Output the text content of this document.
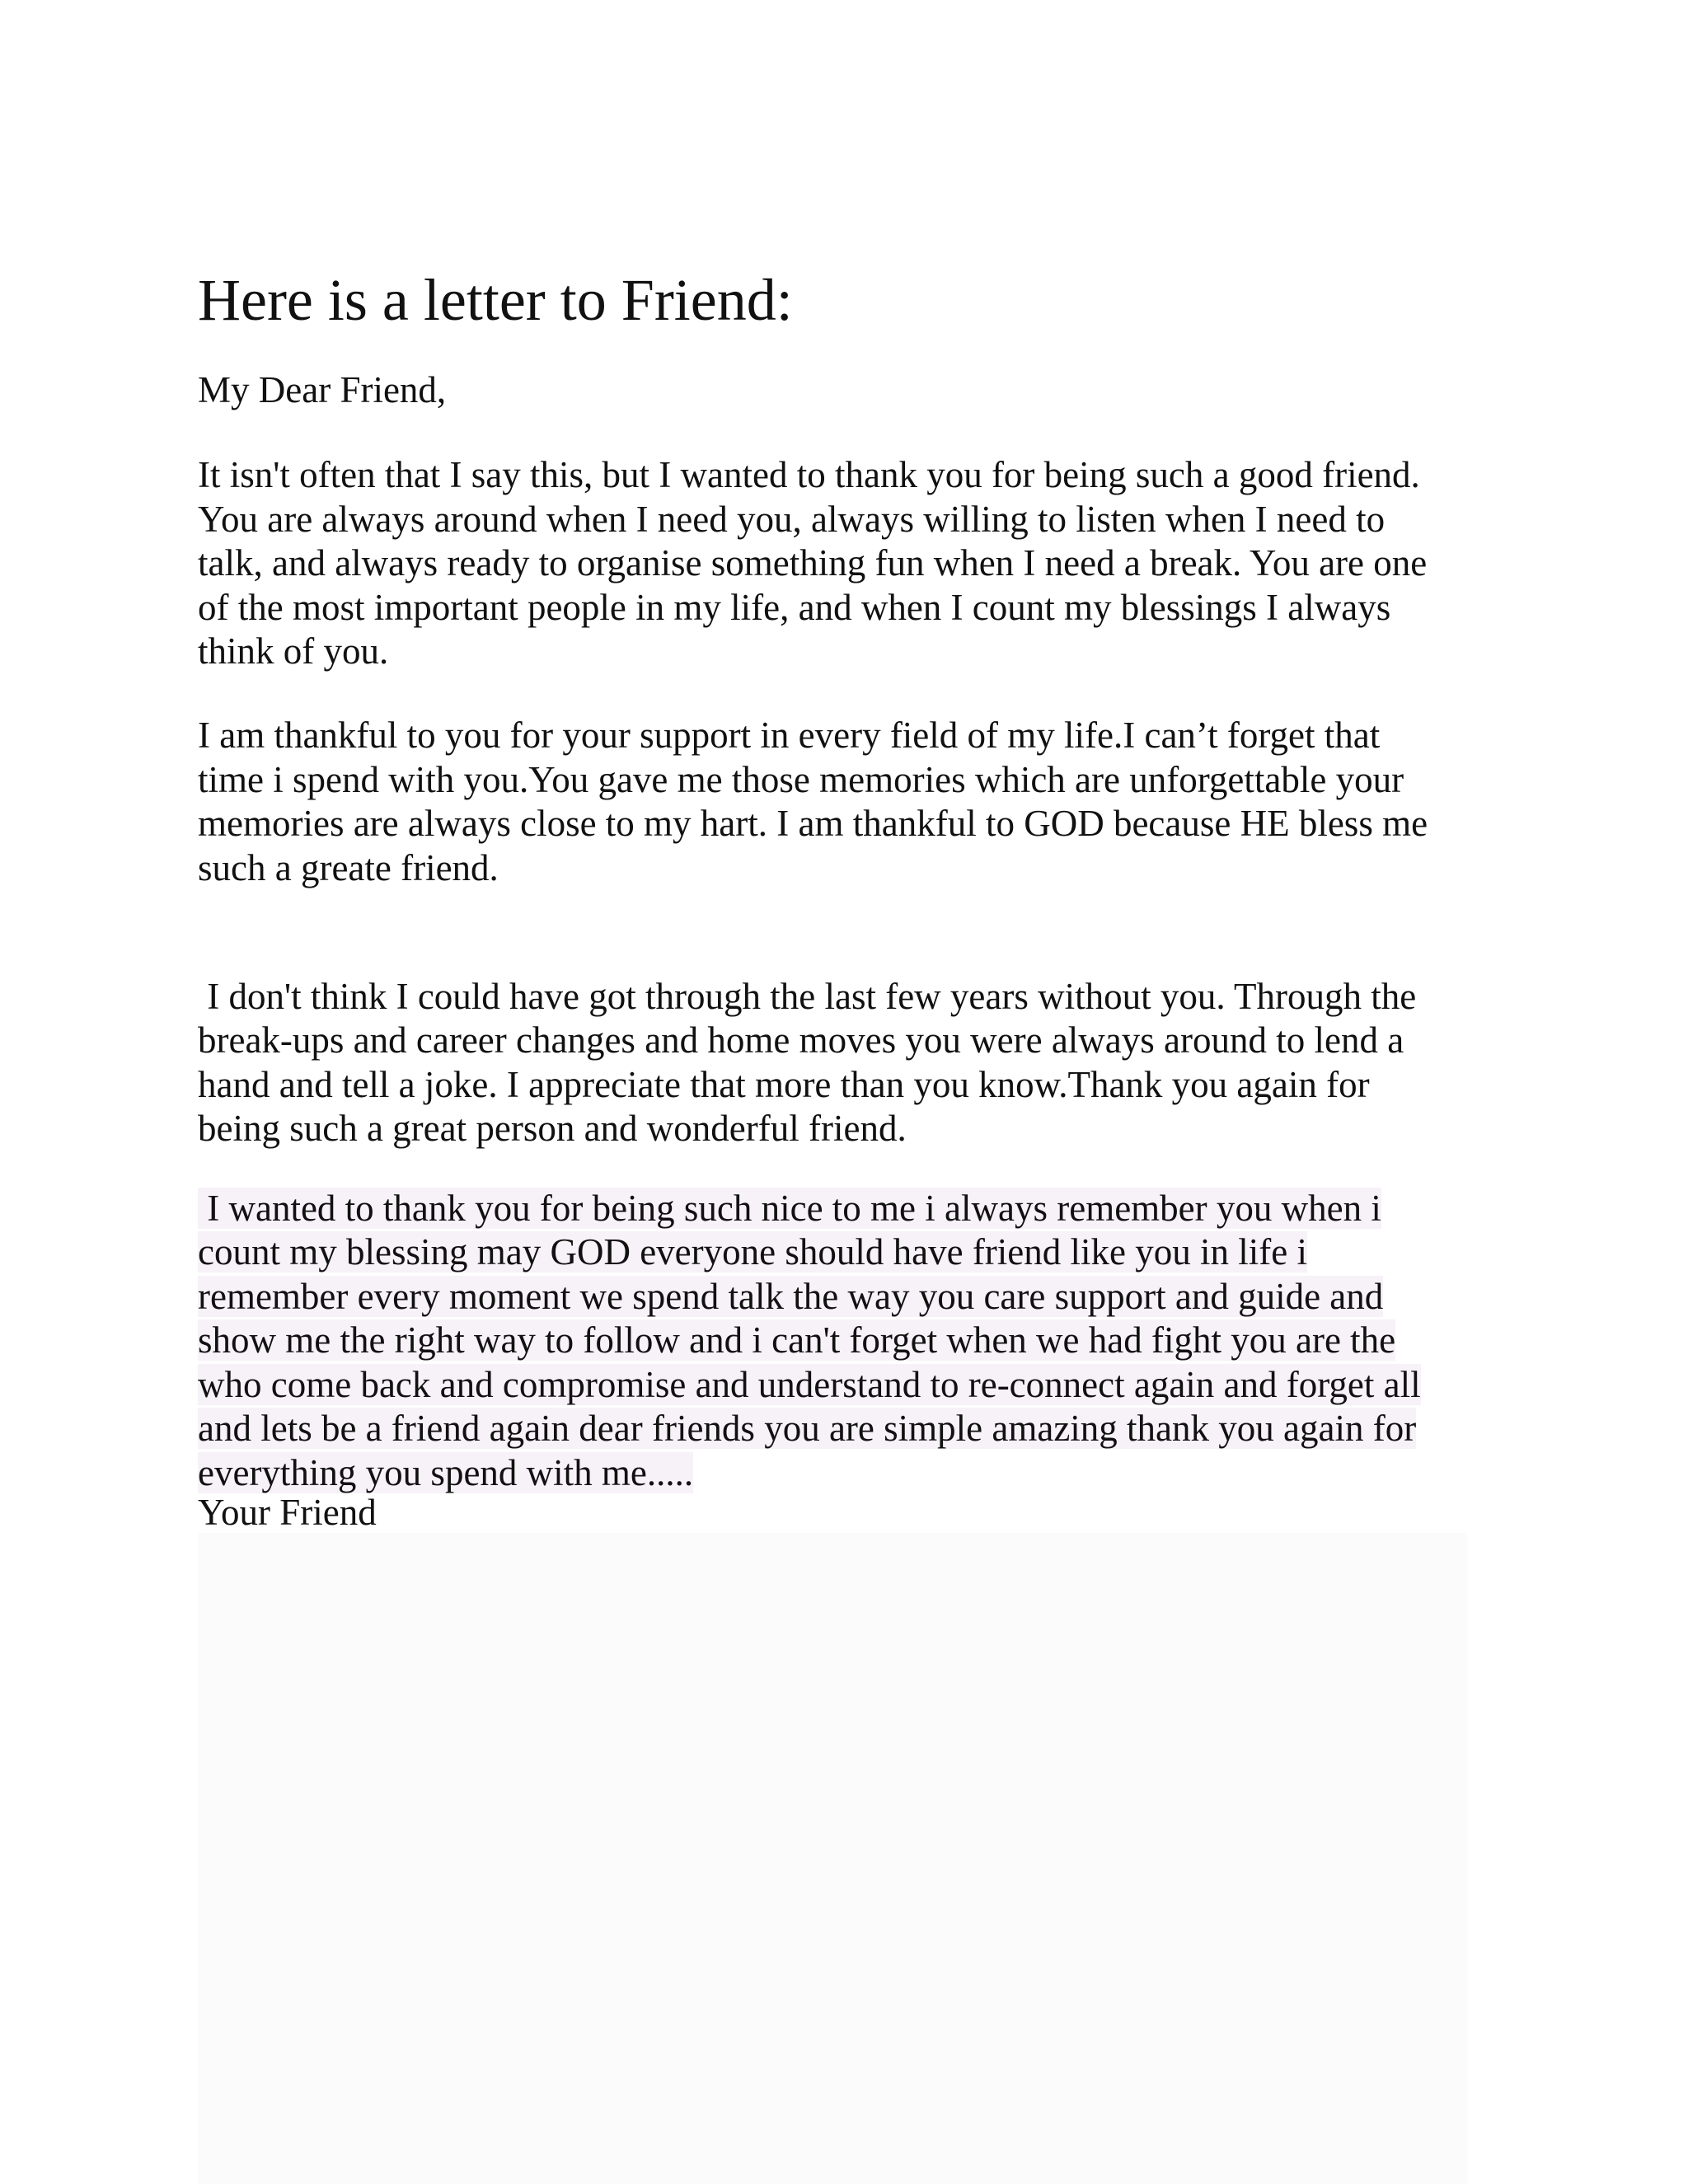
Here is a letter to Friend:

My Dear Friend,

It isn't often that I say this, but I wanted to thank you for being such a good friend.
You are always around when I need you, always willing to listen when I need to
talk, and always ready to organise something fun when I need a break. You are one
of the most important people in my life, and when I count my blessings I always
think of you.

I am thankful to you for your support in every field of my life.I can’t forget that
time i spend with you.You gave me those memories which are unforgettable your
memories are always close to my hart. I am thankful to GOD because HE bless me
such a greate friend.

I don't think I could have got through the last few years without you. Through the
break-ups and career changes and home moves you were always around to lend a
hand and tell a joke. I appreciate that more than you know.Thank you again for
being such a great person and wonderful friend.

I wanted to thank you for being such nice to me i always remember you when i
count my blessing may GOD everyone should have friend like you in life i
remember every moment we spend talk the way you care support and guide and
show me the right way to follow and i can't forget when we had fight you are the
who come back and compromise and understand to re-connect again and forget all
and lets be a friend again dear friends you are simple amazing thank you again for
everything you spend with me.....

Your Friend
